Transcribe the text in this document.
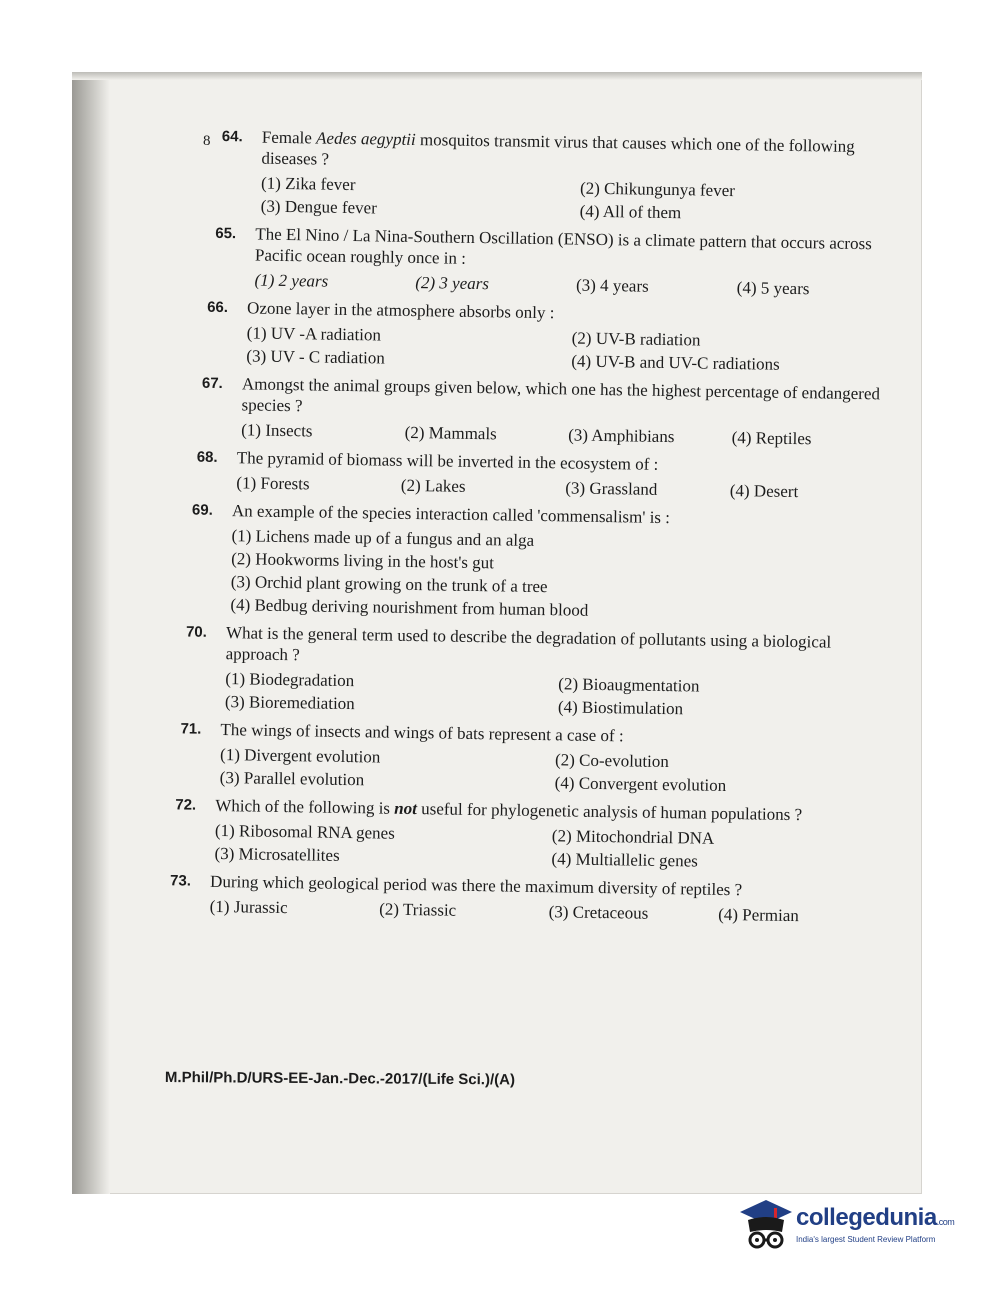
8 64. Female Aedes aegyptii mosquitos transmit virus that causes which one of the following diseases ?
(1) Zika fever	(2) Chikungunya fever
(3) Dengue fever	(4) All of them
65. The El Nino / La Nina-Southern Oscillation (ENSO) is a climate pattern that occurs across Pacific ocean roughly once in :
(1) 2 years	(2) 3 years	(3) 4 years	(4) 5 years
66. Ozone layer in the atmosphere absorbs only :
(1) UV -A radiation	(2) UV-B radiation
(3) UV - C radiation	(4) UV-B and UV-C radiations
67. Amongst the animal groups given below, which one has the highest percentage of endangered species ?
(1) Insects	(2) Mammals	(3) Amphibians	(4) Reptiles
68. The pyramid of biomass will be inverted in the ecosystem of :
(1) Forests	(2) Lakes	(3) Grassland	(4) Desert
69. An example of the species interaction called 'commensalism' is :
(1) Lichens made up of a fungus and an alga
(2) Hookworms living in the host's gut
(3) Orchid plant growing on the trunk of a tree
(4) Bedbug deriving nourishment from human blood
70. What is the general term used to describe the degradation of pollutants using a biological approach ?
(1) Biodegradation	(2) Bioaugmentation
(3) Bioremediation	(4) Biostimulation
71. The wings of insects and wings of bats represent a case of :
(1) Divergent evolution	(2) Co-evolution
(3) Parallel evolution	(4) Convergent evolution
72. Which of the following is not useful for phylogenetic analysis of human populations ?
(1) Ribosomal RNA genes	(2) Mitochondrial DNA
(3) Microsatellites	(4) Multiallelic genes
73. During which geological period was there the maximum diversity of reptiles ?
(1) Jurassic	(2) Triassic	(3) Cretaceous	(4) Permian
M.Phil/Ph.D/URS-EE-Jan.-Dec.-2017/(Life Sci.)/(A)
collegedunia.com
India's largest Student Review Platform
